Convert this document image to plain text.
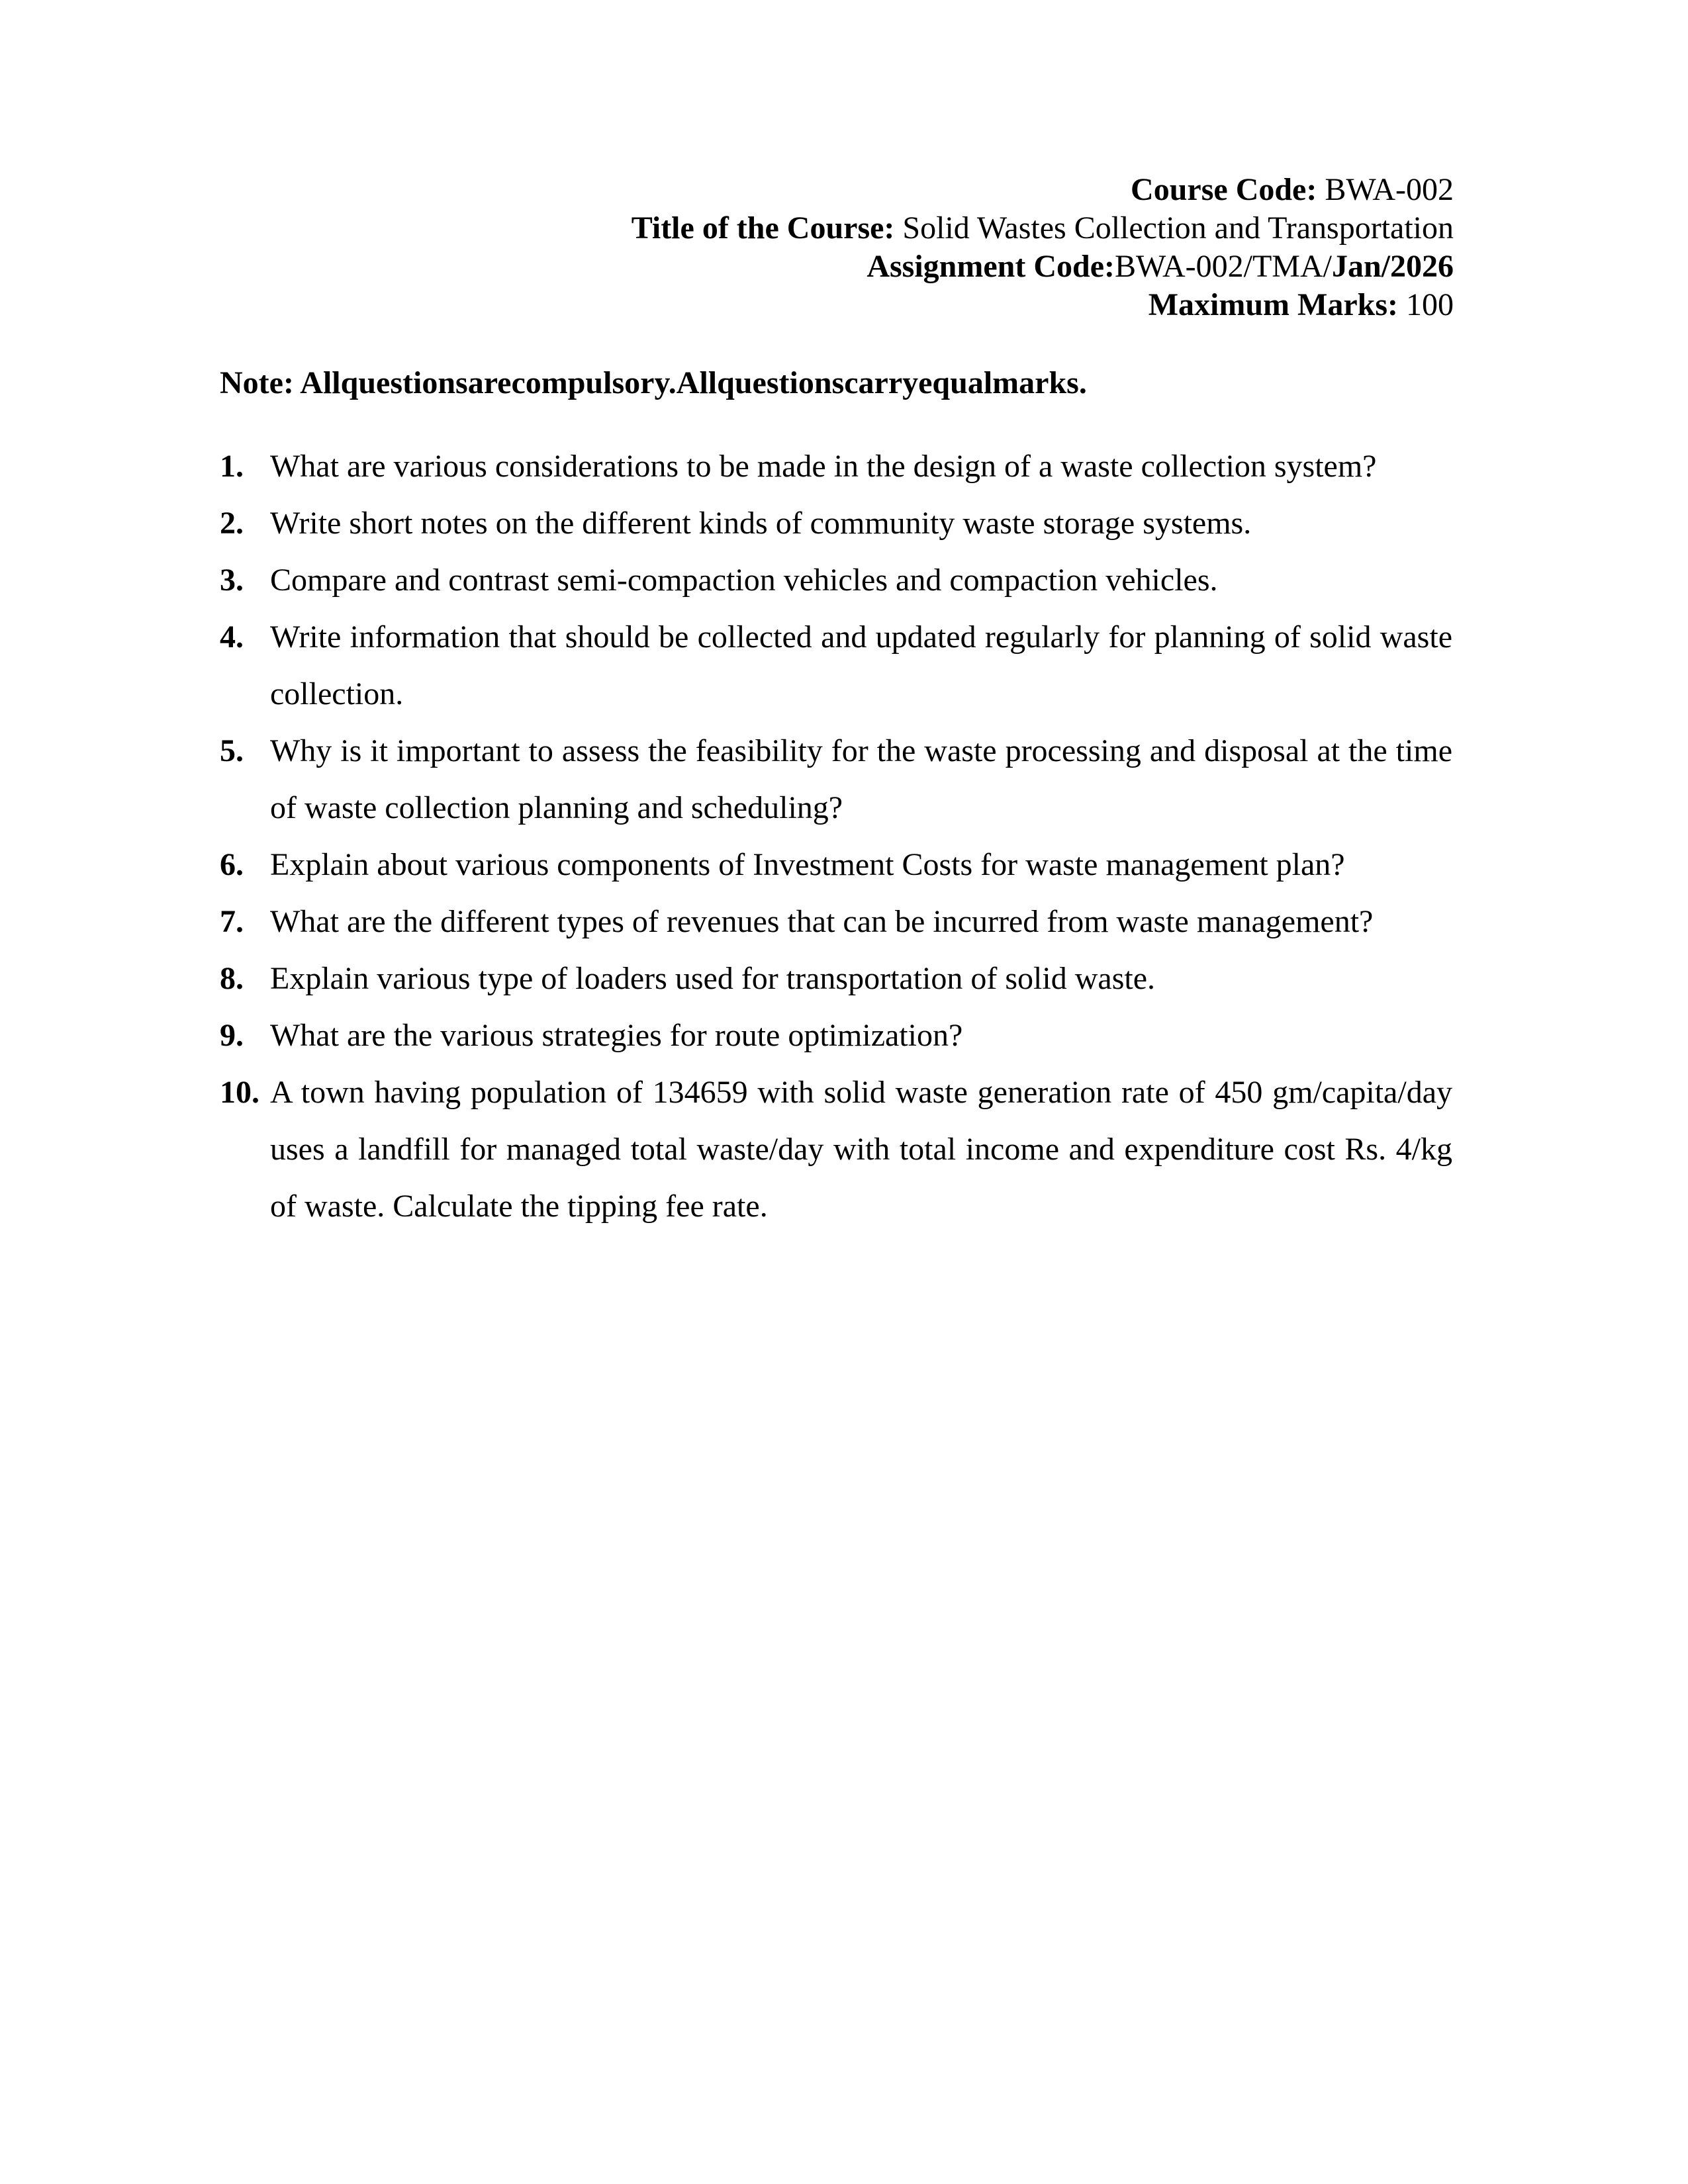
Course Code: BWA-002
Title of the Course: Solid Wastes Collection and Transportation
Assignment Code:BWA-002/TMA/Jan/2026
Maximum Marks: 100
Note: Allquestionsarecompulsory.Allquestionscarryequalmarks.
1. What are various considerations to be made in the design of a waste collection system?
2. Write short notes on the different kinds of community waste storage systems.
3. Compare and contrast semi-compaction vehicles and compaction vehicles.
4. Write information that should be collected and updated regularly for planning of solid waste collection.
5. Why is it important to assess the feasibility for the waste processing and disposal at the time of waste collection planning and scheduling?
6. Explain about various components of Investment Costs for waste management plan?
7. What are the different types of revenues that can be incurred from waste management?
8. Explain various type of loaders used for transportation of solid waste.
9. What are the various strategies for route optimization?
10. A town having population of 134659 with solid waste generation rate of 450 gm/capita/day uses a landfill for managed total waste/day with total income and expenditure cost Rs. 4/kg of waste. Calculate the tipping fee rate.
